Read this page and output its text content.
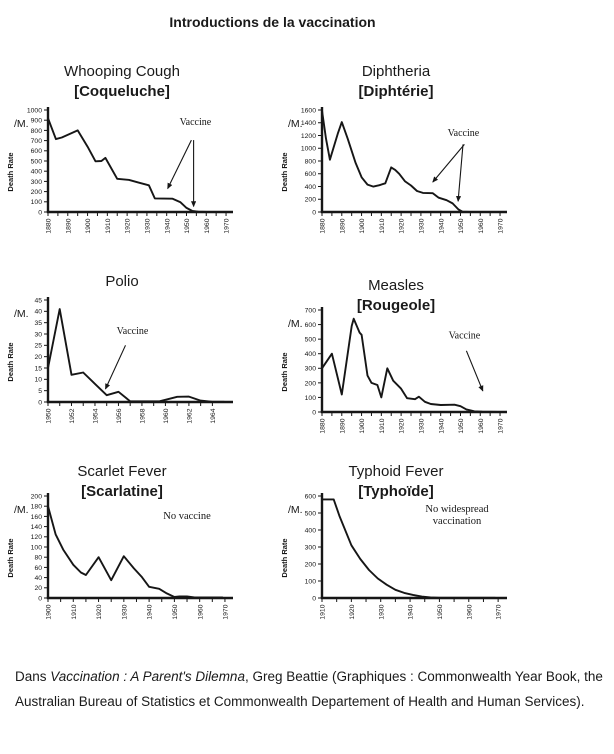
Introductions de la vaccination
Whooping Cough
[Coqueluche]
0
100
200
300
400
500
600
700
800
900
1000
1880 1890 1900 1910 1920 1930 1940 1950 1960 1970
/M.
Death Rate
Vaccine
Diphtheria
[Diphtérie]
0
200
400
600
800
1000
1200
1400
1600
1880 1890 1900 1910 1920 1930 1940 1950 1960 1970
/M.
Death Rate
Vaccine
Polio
0
5
10
15
20
25
30
35
40
45
1950 1952 1954 1956 1958 1960 1962 1964
/M.
Death Rate
Vaccine
Measles
[Rougeole]
0
100
200
300
400
500
600
700
1880 1890 1900 1910 1920 1930 1940 1950 1960 1970
/M.
Death Rate
Vaccine
Scarlet Fever
[Scarlatine]
0
20
40
60
80
100
120
140
160
180
200
1900	1910	1920	1930	1940	1950	1960	1970
/M.
Death Rate
No vaccine
Typhoid Fever
[Typhoïde]
0
100
200
300
400
500
600
1910	1920	1930	1940	1950	1960	1970
/M.
Death Rate
No widespread
vaccination

Dans Vaccination : A Parent's Dilemna, Greg Beattie (Graphiques : Commonwealth Year Book, the Australian Bureau of Statistics et Commonwealth Departement of Health and Human Services).
